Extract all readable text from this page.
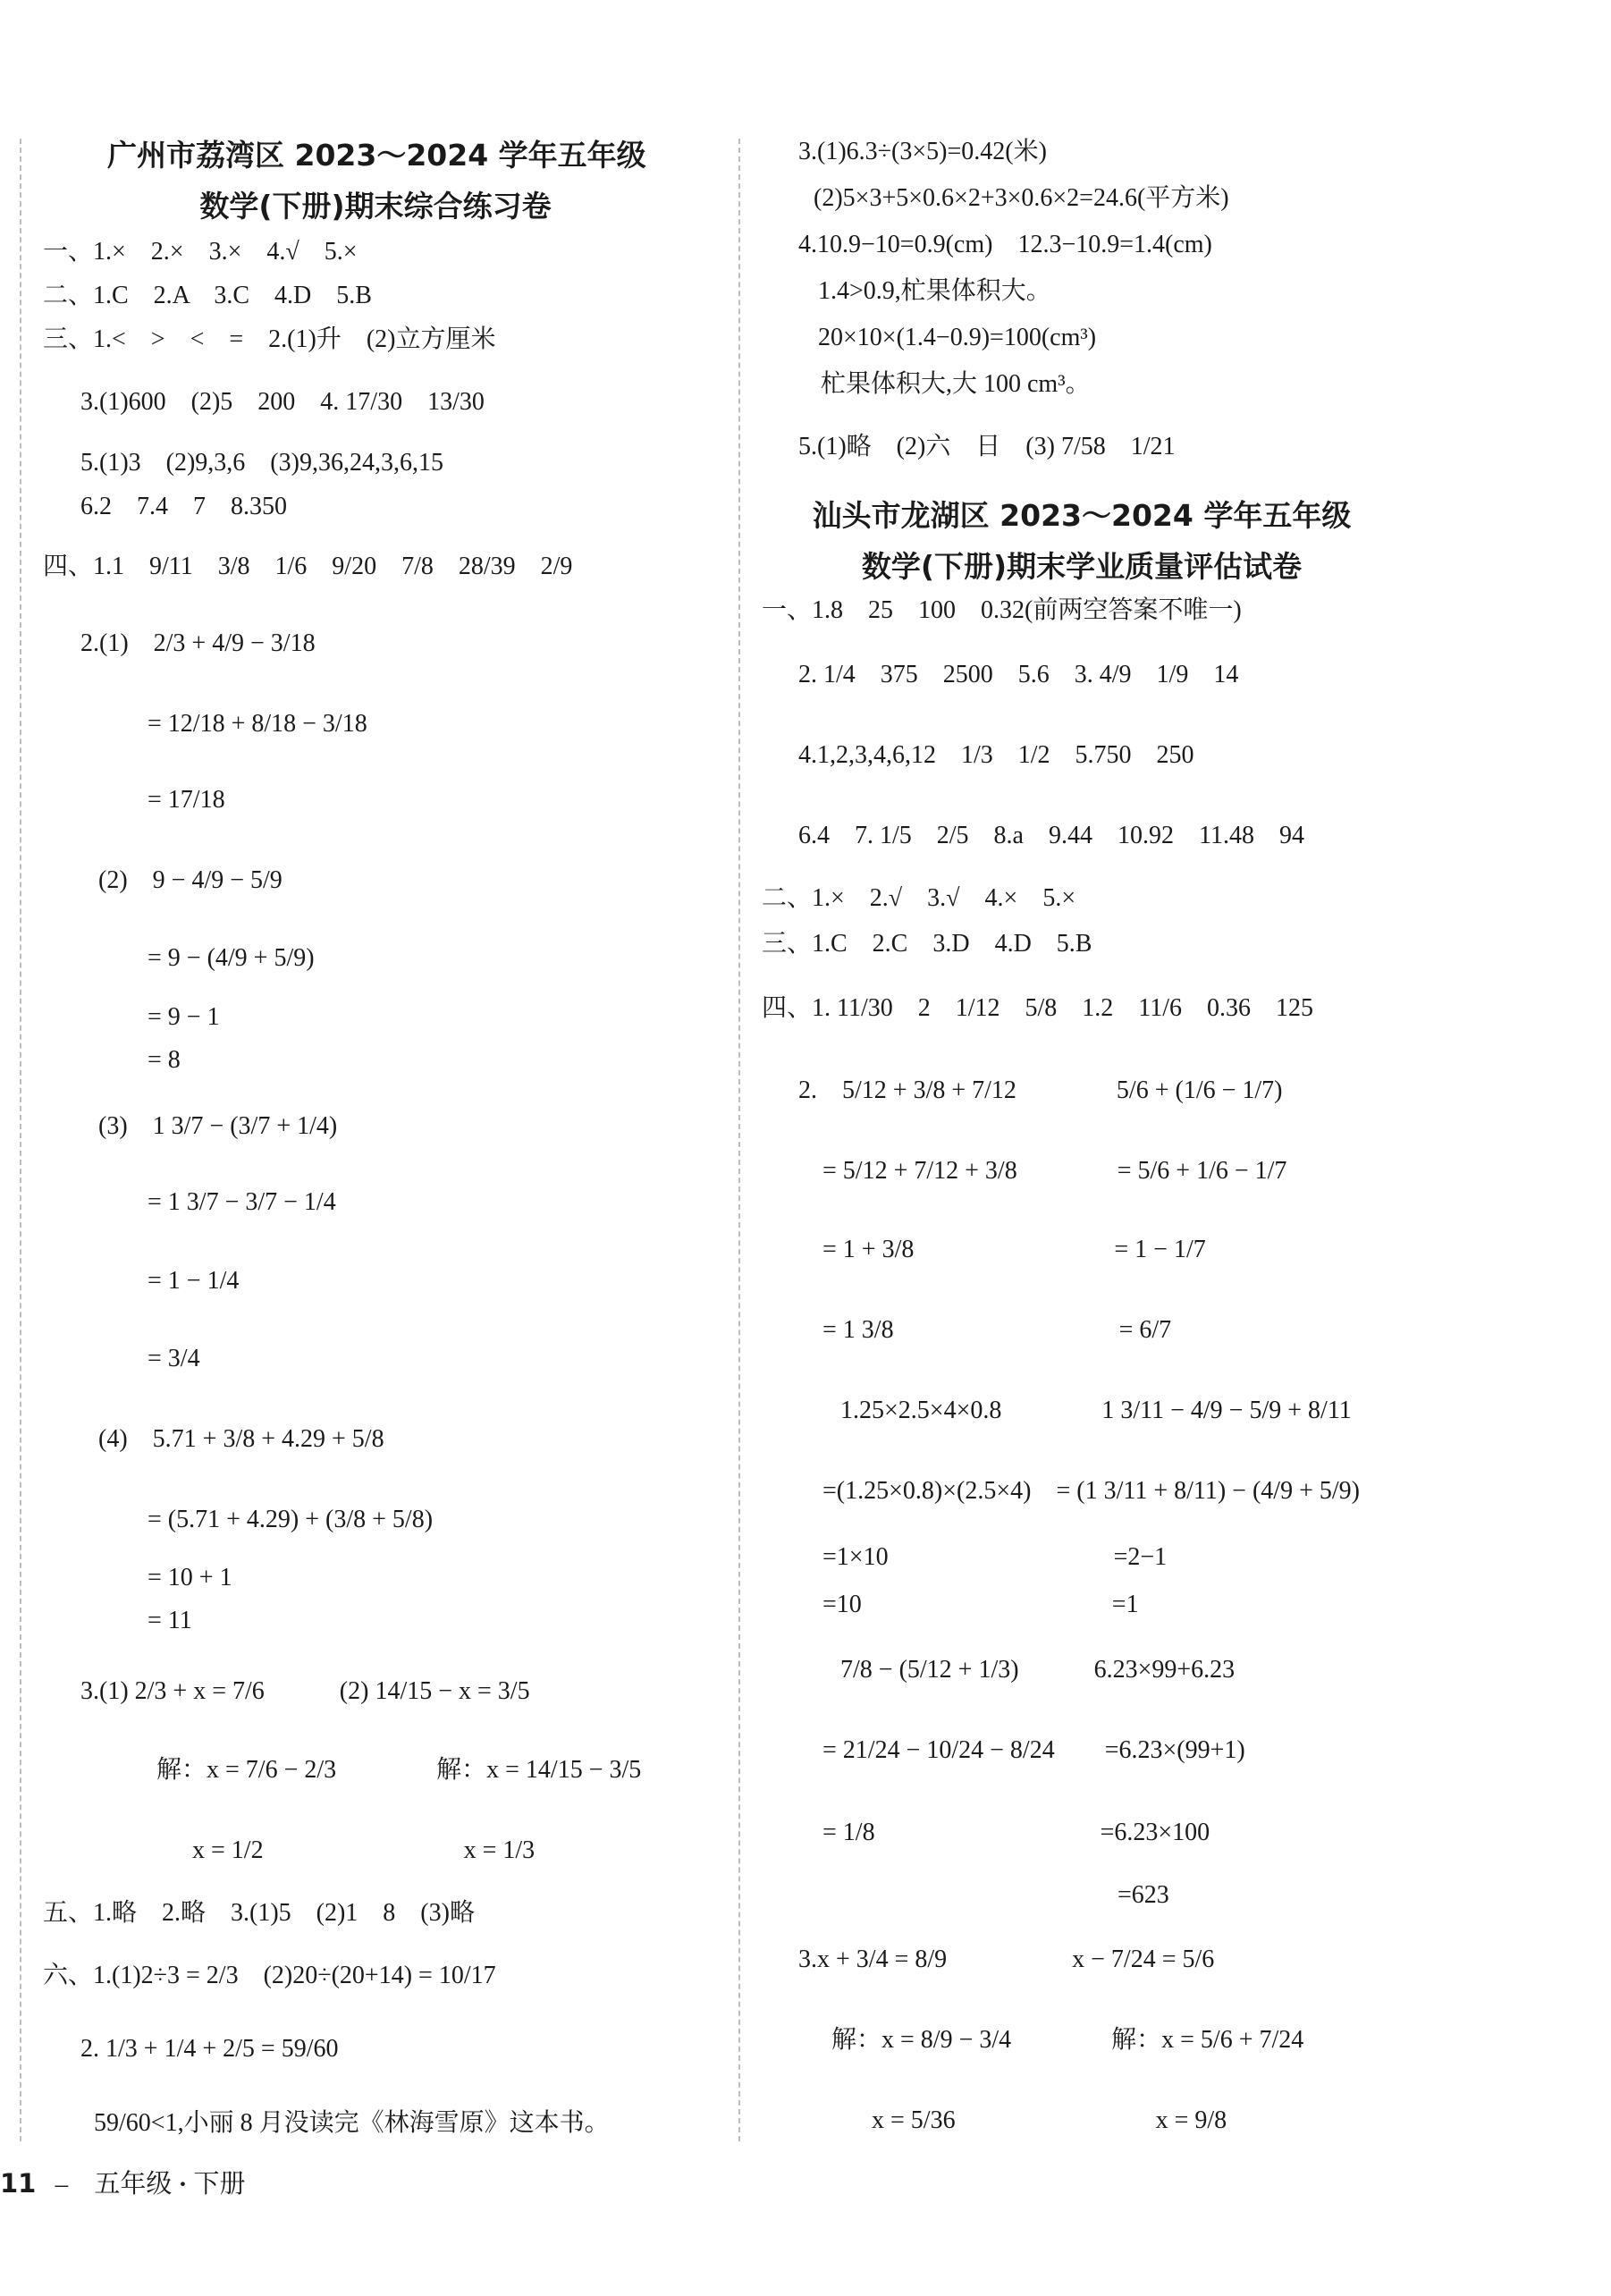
广州市荔湾区 2023～2024 学年五年级
数学(下册)期末综合练习卷
一、1.×　2.×　3.×　4.√　5.×
二、1.C　2.A　3.C　4.D　5.B
三、1.<　>　<　=　2.(1)升　(2)立方厘米
3.(1)600　(2)5　200　4. 17/30　13/30
5.(1)3　(2)9,3,6　(3)9,36,24,3,6,15
6.2　7.4　7　8.350
四、1.1　9/11　3/8　1/6　9/20　7/8　28/39　2/9
2.(1)　2/3 + 4/9 − 3/18
= 12/18 + 8/18 − 3/18
= 17/18
(2)　9 − 4/9 − 5/9
= 9 − (4/9 + 5/9)
= 9 − 1
= 8
(3)　1 3/7 − (3/7 + 1/4)
= 1 3/7 − 3/7 − 1/4
= 1 − 1/4
= 3/4
(4)　5.71 + 3/8 + 4.29 + 5/8
= (5.71 + 4.29) + (3/8 + 5/8)
= 10 + 1
= 11
3.(1) 2/3 + x = 7/6　　　(2) 14/15 − x = 3/5
解：x = 7/6 − 2/3　　　　解：x = 14/15 − 3/5
x = 1/2　　　　　　　　x = 1/3
五、1.略　2.略　3.(1)5　(2)1　8　(3)略
六、1.(1)2÷3 = 2/3　(2)20÷(20+14) = 10/17
2. 1/3 + 1/4 + 2/5 = 59/60
59/60<1,小丽 8 月没读完《林海雪原》这本书。
3.(1)6.3÷(3×5)=0.42(米)
(2)5×3+5×0.6×2+3×0.6×2=24.6(平方米)
4.10.9−10=0.9(cm)　12.3−10.9=1.4(cm)
1.4>0.9,杧果体积大。
20×10×(1.4−0.9)=100(cm³)
杧果体积大,大 100 cm³。
5.(1)略　(2)六　日　(3) 7/58　1/21
汕头市龙湖区 2023～2024 学年五年级
数学(下册)期末学业质量评估试卷
一、1.8　25　100　0.32(前两空答案不唯一)
2. 1/4　375　2500　5.6　3. 4/9　1/9　14
4.1,2,3,4,6,12　1/3　1/2　5.750　250
6.4　7. 1/5　2/5　8.a　9.44　10.92　11.48　94
二、1.×　2.√　3.√　4.×　5.×
三、1.C　2.C　3.D　4.D　5.B
四、1. 11/30　2　1/12　5/8　1.2　11/6　0.36　125
2.　5/12 + 3/8 + 7/12　　　　5/6 + (1/6 − 1/7)
= 5/12 + 7/12 + 3/8　　　　= 5/6 + 1/6 − 1/7
= 1 + 3/8　　　　　　　　= 1 − 1/7
= 1 3/8　　　　　　　　　= 6/7
1.25×2.5×4×0.8　　　　1 3/11 − 4/9 − 5/9 + 8/11
=(1.25×0.8)×(2.5×4)　= (1 3/11 + 8/11) − (4/9 + 5/9)
=1×10　　　　　　　　　=2−1
=10　　　　　　　　　　=1
7/8 − (5/12 + 1/3)　　　6.23×99+6.23
= 21/24 − 10/24 − 8/24　　=6.23×(99+1)
= 1/8　　　　　　　　　=6.23×100
=623
3.x + 3/4 = 8/9　　　　　x − 7/24 = 5/6
解：x = 8/9 − 3/4　　　　解：x = 5/6 + 7/24
x = 5/36　　　　　　　　x = 9/8
11 – 五年级 · 下册
